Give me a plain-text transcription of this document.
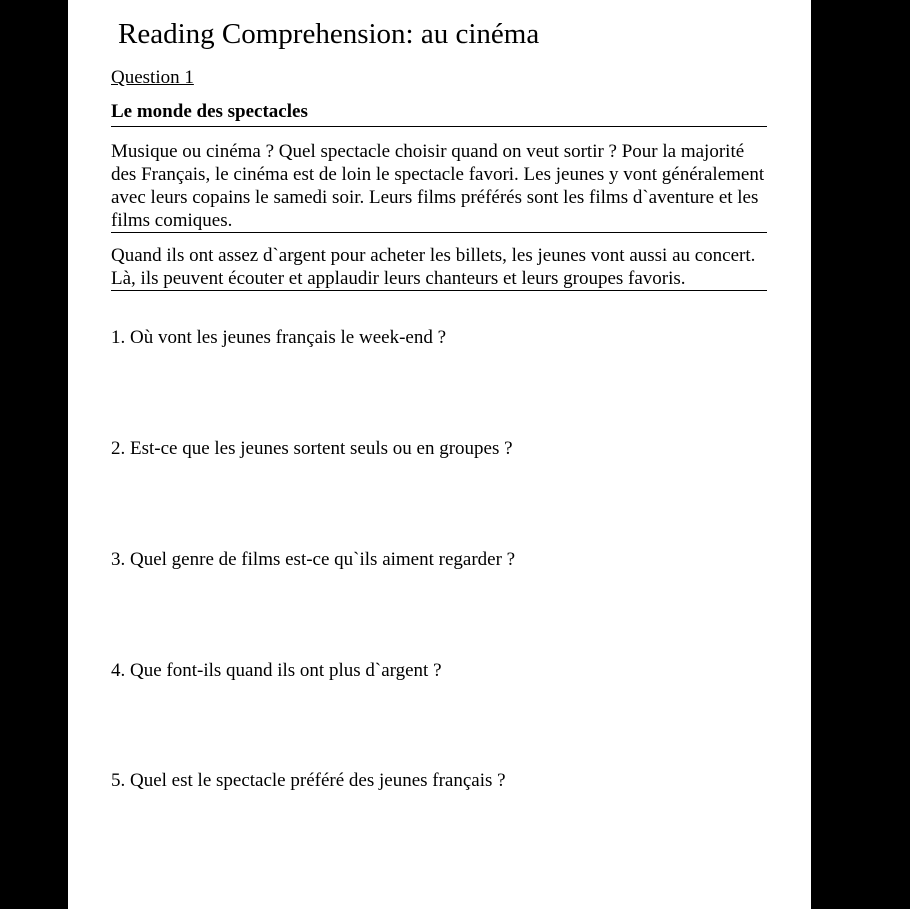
Reading Comprehension: au cinéma
Question 1
Le monde des spectacles
Musique ou cinéma ? Quel spectacle choisir quand on veut sortir ? Pour la majorité des Français, le cinéma est de loin le spectacle favori. Les jeunes y vont généralement avec leurs copains le samedi soir. Leurs films préférés sont les films d`aventure et les films comiques.
Quand ils ont assez d`argent pour acheter les billets, les jeunes vont aussi au concert. Là, ils peuvent écouter et applaudir leurs chanteurs et leurs groupes favoris.
1. Où vont les jeunes français le week-end ?
2. Est-ce que les jeunes sortent seuls ou en groupes ?
3. Quel genre de films est-ce qu`ils aiment regarder ?
4. Que font-ils quand ils ont plus d`argent ?
5. Quel est le spectacle préféré des jeunes français ?
